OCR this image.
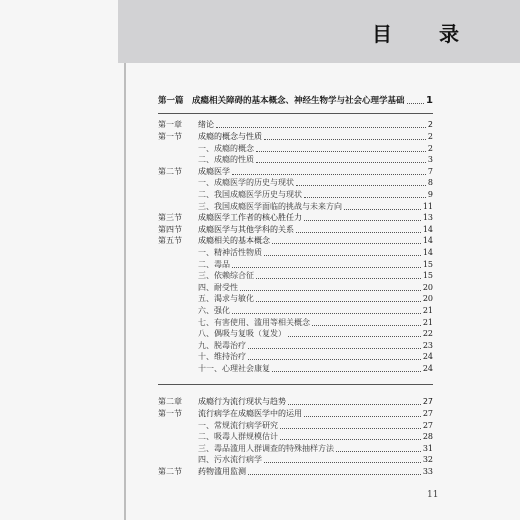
目 录
第一篇　成瘾相关障碍的基本概念、神经生物学与社会心理学基础 1
第一章 绪论	2
第一节 成瘾的概念与性质	2
一、成瘾的概念	2
二、成瘾的性质	3
第二节 成瘾医学	7
一、成瘾医学的历史与现状	8
二、我国成瘾医学历史与现状	9
三、我国成瘾医学面临的挑战与未来方向	11
第三节 成瘾医学工作者的核心胜任力	13
第四节 成瘾医学与其他学科的关系	14
第五节 成瘾相关的基本概念	14
一、精神活性物质	14
二、毒品	15
三、依赖综合征	15
四、耐受性	20
五、渴求与敏化	20
六、强化	21
七、有害使用、滥用等相关概念	21
八、偶吸与复吸（复发）	22
九、脱毒治疗	23
十、维持治疗	24
十一、心理社会康复	24
第二章 成瘾行为流行现状与趋势	27
第一节 流行病学在成瘾医学中的运用	27
一、常规流行病学研究	27
二、吸毒人群规模估计	28
三、毒品滥用人群调查的特殊抽样方法	31
四、污水流行病学	32
第二节 药物滥用监测	33
11
